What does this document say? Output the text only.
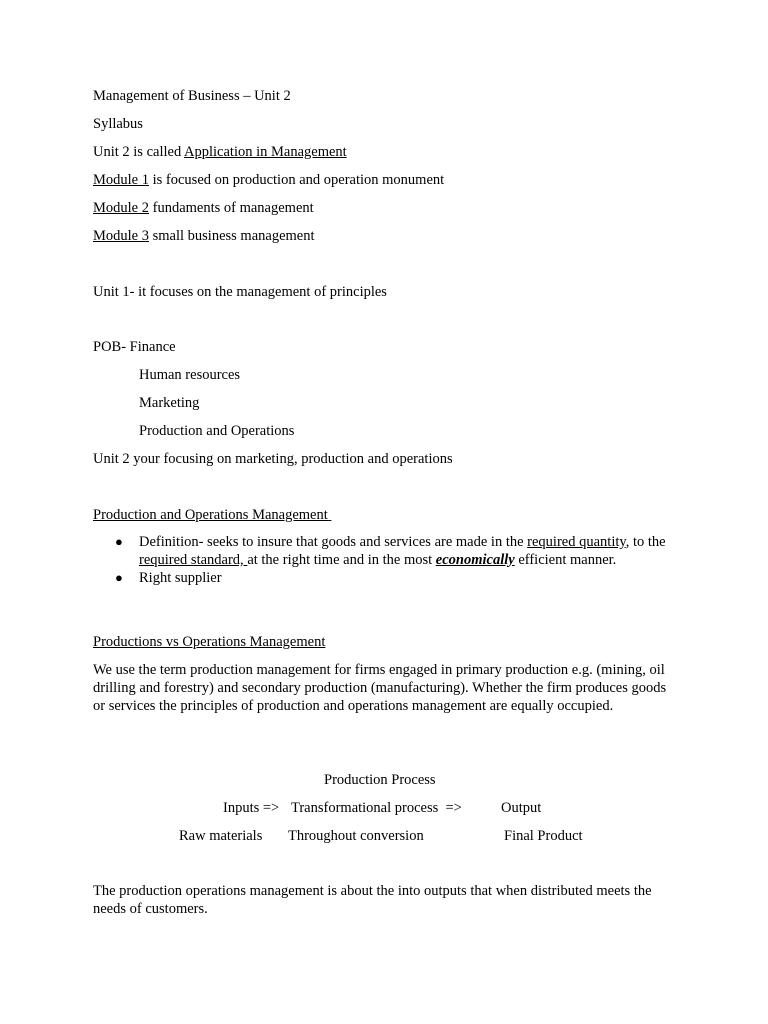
Management of Business – Unit 2
Syllabus
Unit 2 is called Application in Management
Module 1 is focused on production and operation monument
Module 2 fundaments of management
Module 3 small business management
Unit 1- it focuses on the management of principles
POB- Finance
Human resources
Marketing
Production and Operations
Unit 2 your focusing on marketing, production and operations
Production and Operations Management
● Definition- seeks to insure that goods and services are made in the required quantity, to the required standard, at the right time and in the most economically efficient manner.
● Right supplier
Productions vs Operations Management
We use the term production management for firms engaged in primary production e.g. (mining, oil drilling and forestry) and secondary production (manufacturing). Whether the firm produces goods or services the principles of production and operations management are equally occupied.
Production Process
Inputs => Transformational process  =>	Output
Raw materials Throughout conversion	Final Product
The production operations management is about the into outputs that when distributed meets the needs of customers.
